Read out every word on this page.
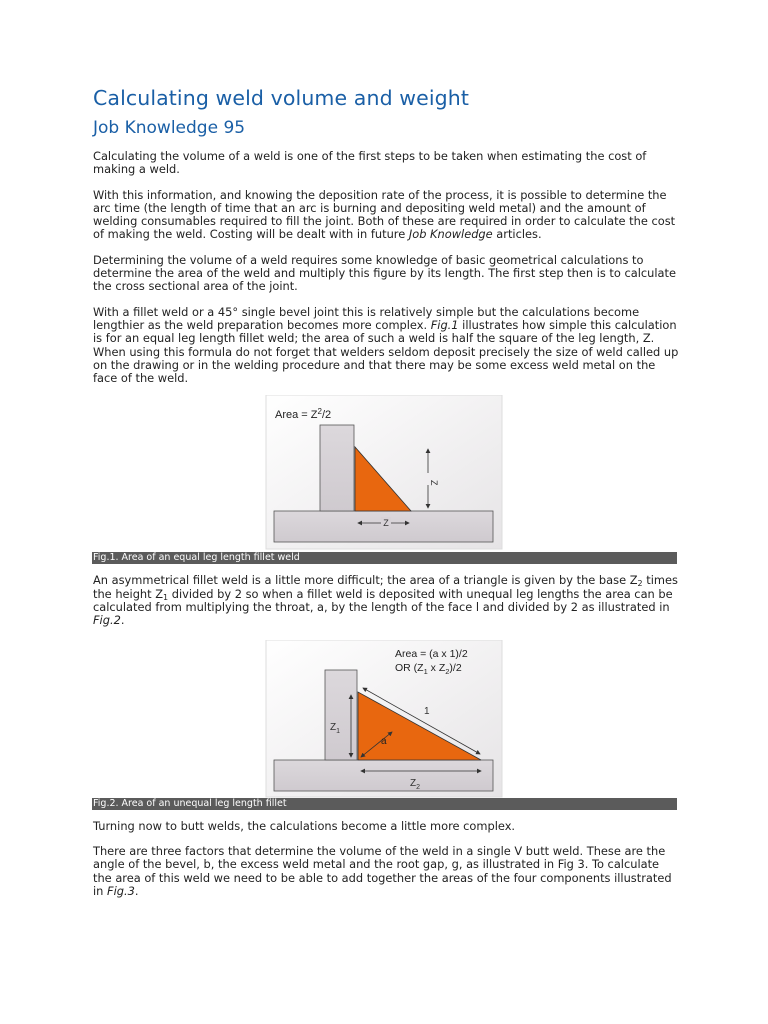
Calculating weld volume and weight
Job Knowledge 95

Calculating the volume of a weld is one of the first steps to be taken when estimating the cost of making a weld.

With this information, and knowing the deposition rate of the process, it is possible to determine the arc time (the length of time that an arc is burning and depositing weld metal) and the amount of welding consumables required to fill the joint. Both of these are required in order to calculate the cost of making the weld. Costing will be dealt with in future Job Knowledge articles.

Determining the volume of a weld requires some knowledge of basic geometrical calculations to determine the area of the weld and multiply this figure by its length. The first step then is to calculate the cross sectional area of the joint.

With a fillet weld or a 45° single bevel joint this is relatively simple but the calculations become lengthier as the weld preparation becomes more complex. Fig.1 illustrates how simple this calculation is for an equal leg length fillet weld; the area of such a weld is half the square of the leg length, Z. When using this formula do not forget that welders seldom deposit precisely the size of weld called up on the drawing or in the welding procedure and that there may be some excess weld metal on the face of the weld.

Area = $Z^2/2$
Z
Z
Fig.1. Area of an equal leg length fillet weld

An asymmetrical fillet weld is a little more difficult; the area of a triangle is given by the base $Z_2$ times the height $Z_1$ divided by 2 so when a fillet weld is deposited with unequal leg lengths the area can be calculated from multiplying the throat, a, by the length of the face l and divided by 2 as illustrated in Fig.2.

Area = (a x 1)/2
OR ($Z_1$ x $Z_2)/2$
$Z_1$
a
1
$Z_2$
Fig.2. Area of an unequal leg length fillet

Turning now to butt welds, the calculations become a little more complex.

There are three factors that determine the volume of the weld in a single V butt weld. These are the angle of the bevel, b, the excess weld metal and the root gap, g, as illustrated in Fig 3. To calculate the area of this weld we need to be able to add together the areas of the four components illustrated in Fig.3.
